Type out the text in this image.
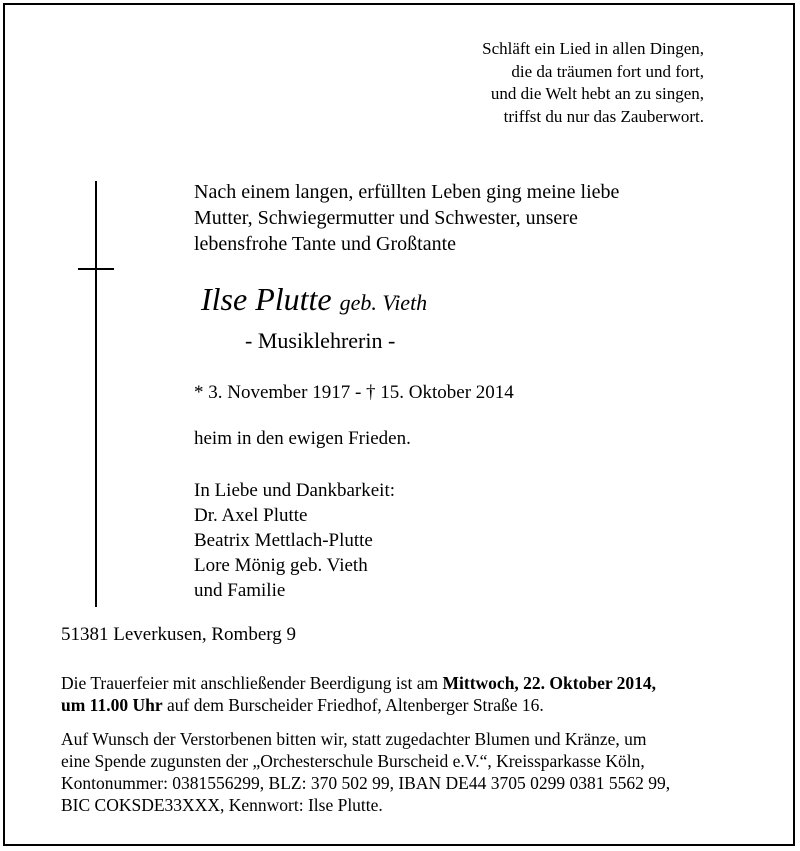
Schläft ein Lied in allen Dingen,
die da träumen fort und fort,
und die Welt hebt an zu singen,
triffst du nur das Zauberwort.
Nach einem langen, erfüllten Leben ging meine liebe
Mutter, Schwiegermutter und Schwester, unsere
lebensfrohe Tante und Großtante
Ilse Plutte geb. Vieth
- Musiklehrerin -
* 3. November 1917 - † 15. Oktober 2014
heim in den ewigen Frieden.
In Liebe und Dankbarkeit:
Dr. Axel Plutte
Beatrix Mettlach-Plutte
Lore Mönig geb. Vieth
und Familie
51381 Leverkusen, Romberg 9
Die Trauerfeier mit anschließender Beerdigung ist am Mittwoch, 22. Oktober 2014,
um 11.00 Uhr auf dem Burscheider Friedhof, Altenberger Straße 16.
Auf Wunsch der Verstorbenen bitten wir, statt zugedachter Blumen und Kränze, um
eine Spende zugunsten der „Orchesterschule Burscheid e.V.“, Kreissparkasse Köln,
Kontonummer: 0381556299, BLZ: 370 502 99, IBAN DE44 3705 0299 0381 5562 99,
BIC COKSDE33XXX, Kennwort: Ilse Plutte.
